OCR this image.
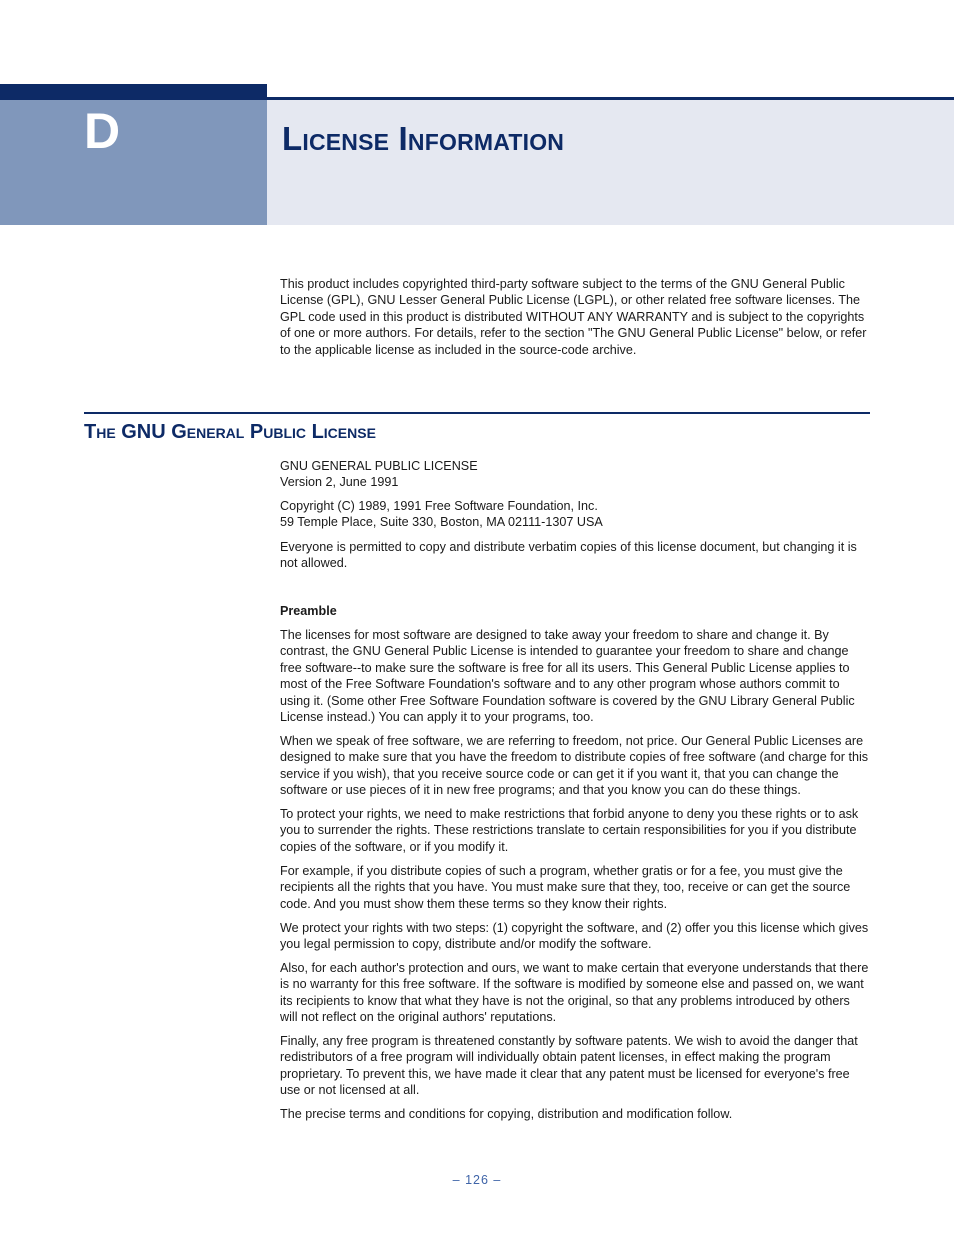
D	License Information

This product includes copyrighted third-party software subject to the terms of the GNU General Public License (GPL), GNU Lesser General Public License (LGPL), or other related free software licenses. The GPL code used in this product is distributed WITHOUT ANY WARRANTY and is subject to the copyrights of one or more authors. For details, refer to the section "The GNU General Public License" below, or refer to the applicable license as included in the source-code archive.

The GNU General Public License

GNU GENERAL PUBLIC LICENSE

Version 2, June 1991

Copyright (C) 1989, 1991 Free Software Foundation, Inc.

59 Temple Place, Suite 330, Boston, MA 02111-1307 USA

Everyone is permitted to copy and distribute verbatim copies of this license document, but changing it is not allowed.

Preamble

The licenses for most software are designed to take away your freedom to share and change it. By contrast, the GNU General Public License is intended to guarantee your freedom to share and change free software--to make sure the software is free for all its users. This General Public License applies to most of the Free Software Foundation's software and to any other program whose authors commit to using it. (Some other Free Software Foundation software is covered by the GNU Library General Public License instead.) You can apply it to your programs, too.

When we speak of free software, we are referring to freedom, not price. Our General Public Licenses are designed to make sure that you have the freedom to distribute copies of free software (and charge for this service if you wish), that you receive source code or can get it if you want it, that you can change the software or use pieces of it in new free programs; and that you know you can do these things.

To protect your rights, we need to make restrictions that forbid anyone to deny you these rights or to ask you to surrender the rights. These restrictions translate to certain responsibilities for you if you distribute copies of the software, or if you modify it.

For example, if you distribute copies of such a program, whether gratis or for a fee, you must give the recipients all the rights that you have. You must make sure that they, too, receive or can get the source code. And you must show them these terms so they know their rights.

We protect your rights with two steps: (1) copyright the software, and (2) offer you this license which gives you legal permission to copy, distribute and/or modify the software.

Also, for each author's protection and ours, we want to make certain that everyone understands that there is no warranty for this free software. If the software is modified by someone else and passed on, we want its recipients to know that what they have is not the original, so that any problems introduced by others will not reflect on the original authors' reputations.

Finally, any free program is threatened constantly by software patents. We wish to avoid the danger that redistributors of a free program will individually obtain patent licenses, in effect making the program proprietary. To prevent this, we have made it clear that any patent must be licensed for everyone's free use or not licensed at all.

The precise terms and conditions for copying, distribution and modification follow.

– 126 –
